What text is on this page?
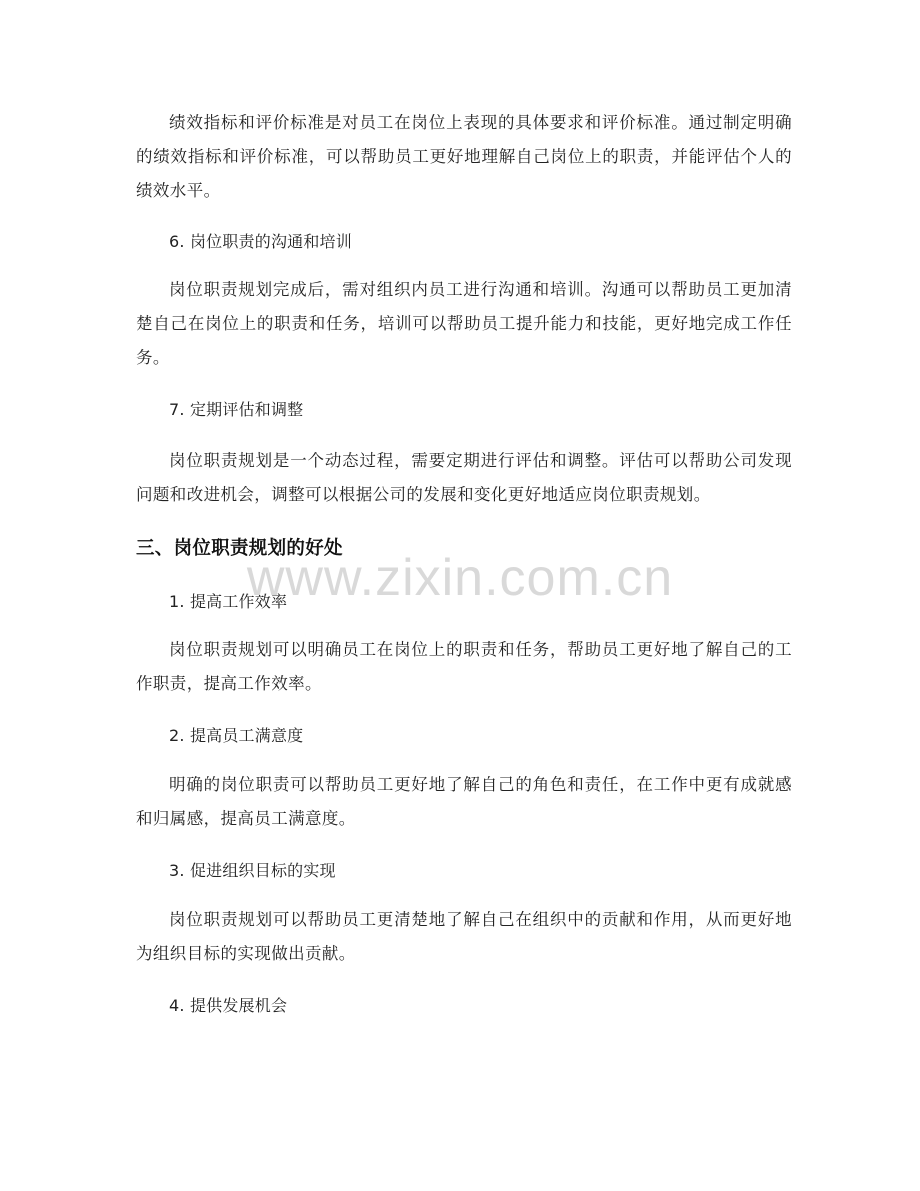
绩效指标和评价标准是对员工在岗位上表现的具体要求和评价标准。通过制定明确的绩效指标和评价标准，可以帮助员工更好地理解自己岗位上的职责，并能评估个人的绩效水平。

6. 岗位职责的沟通和培训

岗位职责规划完成后，需对组织内员工进行沟通和培训。沟通可以帮助员工更加清楚自己在岗位上的职责和任务，培训可以帮助员工提升能力和技能，更好地完成工作任务。

7. 定期评估和调整

岗位职责规划是一个动态过程，需要定期进行评估和调整。评估可以帮助公司发现问题和改进机会，调整可以根据公司的发展和变化更好地适应岗位职责规划。

三、岗位职责规划的好处

1. 提高工作效率

岗位职责规划可以明确员工在岗位上的职责和任务，帮助员工更好地了解自己的工作职责，提高工作效率。

2. 提高员工满意度

明确的岗位职责可以帮助员工更好地了解自己的角色和责任，在工作中更有成就感和归属感，提高员工满意度。

3. 促进组织目标的实现

岗位职责规划可以帮助员工更清楚地了解自己在组织中的贡献和作用，从而更好地为组织目标的实现做出贡献。

4. 提供发展机会

www.zixin.com.cn
